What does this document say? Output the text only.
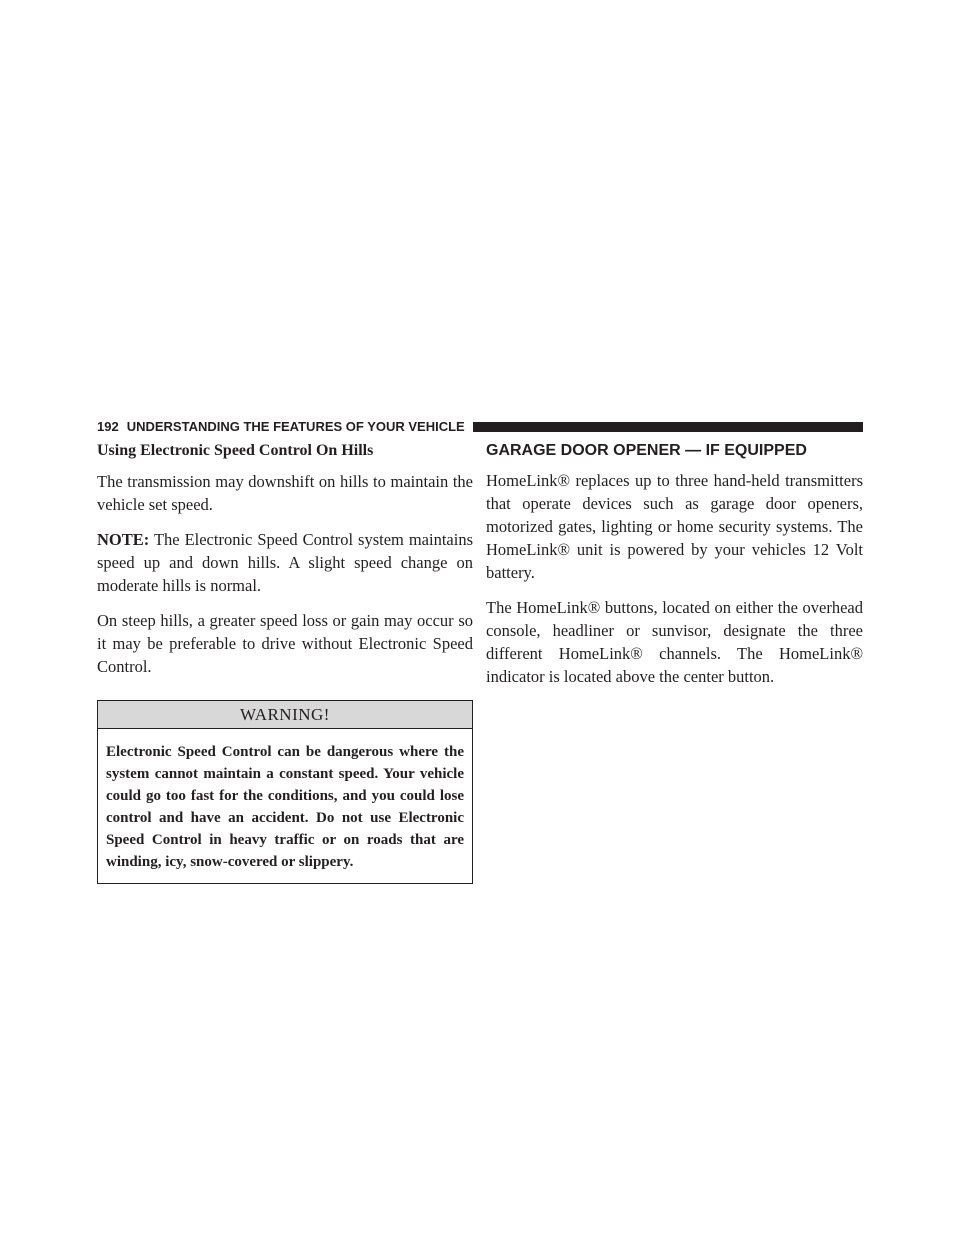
192 UNDERSTANDING THE FEATURES OF YOUR VEHICLE
Using Electronic Speed Control On Hills

The transmission may downshift on hills to maintain the vehicle set speed.

NOTE: The Electronic Speed Control system maintains speed up and down hills. A slight speed change on moderate hills is normal.

On steep hills, a greater speed loss or gain may occur so it may be preferable to drive without Electronic Speed Control.

WARNING!
Electronic Speed Control can be dangerous where the system cannot maintain a constant speed. Your vehicle could go too fast for the conditions, and you could lose control and have an accident. Do not use Electronic Speed Control in heavy traffic or on roads that are winding, icy, snow-covered or slippery.
GARAGE DOOR OPENER — IF EQUIPPED

HomeLink® replaces up to three hand-held transmitters that operate devices such as garage door openers, motorized gates, lighting or home security systems. The HomeLink® unit is powered by your vehicles 12 Volt battery.

The HomeLink® buttons, located on either the overhead console, headliner or sunvisor, designate the three different HomeLink® channels. The HomeLink® indicator is located above the center button.
